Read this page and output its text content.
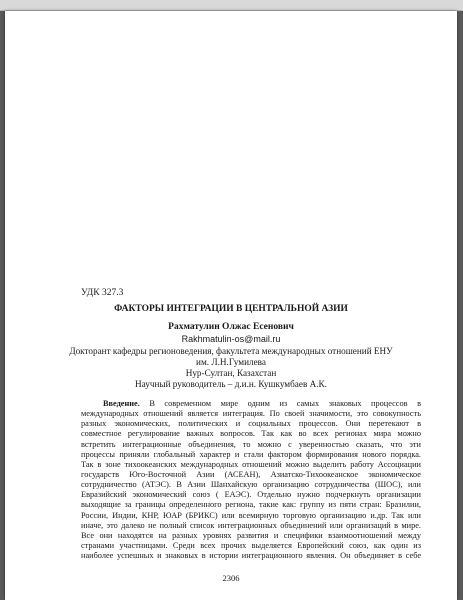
УДК 327.3
ФАКТОРЫ ИНТЕГРАЦИИ В ЦЕНТРАЛЬНОЙ АЗИИ
Рахматулин Олжас Есенович
Rakhmatulin-os@mail.ru
Докторант кафедры регионоведения, факультета международных отношений ЕНУ
им. Л.Н.Гумилева
Нур-Султан, Казахстан
Научный руководитель – д.и.н. Кушкумбаев А.К.
Введение. В современном мире одним из самых знаковых процессов в
международных отношений является интеграция. По своей значимости, это совокупность
разных экономических, политических и социальных процессов. Они перетекают в
совместное регулирование важных вопросов. Так как во всех регионах мира можно
встретить интеграционные объединения, то можно с уверенностью сказать, что эти
процессы приняли глобальный характер и стали фактором формирования нового порядка.
Так в зоне тихоокеанских международных отношений можно выделить работу Ассоциации
государств Юго-Восточной Азии (АСЕАН), Азиатско-Тихоокеанское экономическое
сотрудничество (АТЭС). В Азии Шанхайскую организацию сотрудничества (ШОС), или
Евразийский экономический союз ( ЕАЭС). Отдельно нужно подчеркнуть организации
выходящие за границы определенного региона, такие как: группу из пяти стран: Бразилии,
России, Индии, КНР, ЮАР (БРИКС) или всемирную торговую организацию и.др. Так или
иначе, это далеко не полный список интеграционных объединений или организаций в мире.
Все они находятся на разных уровнях развития и специфики взаимоотношений между
странами участницами. Среди всех прочих выделяется Европейский союз, как один из
наиболее успешных и знаковых в истории интеграционного явления. Он объединяет в себе
2306
